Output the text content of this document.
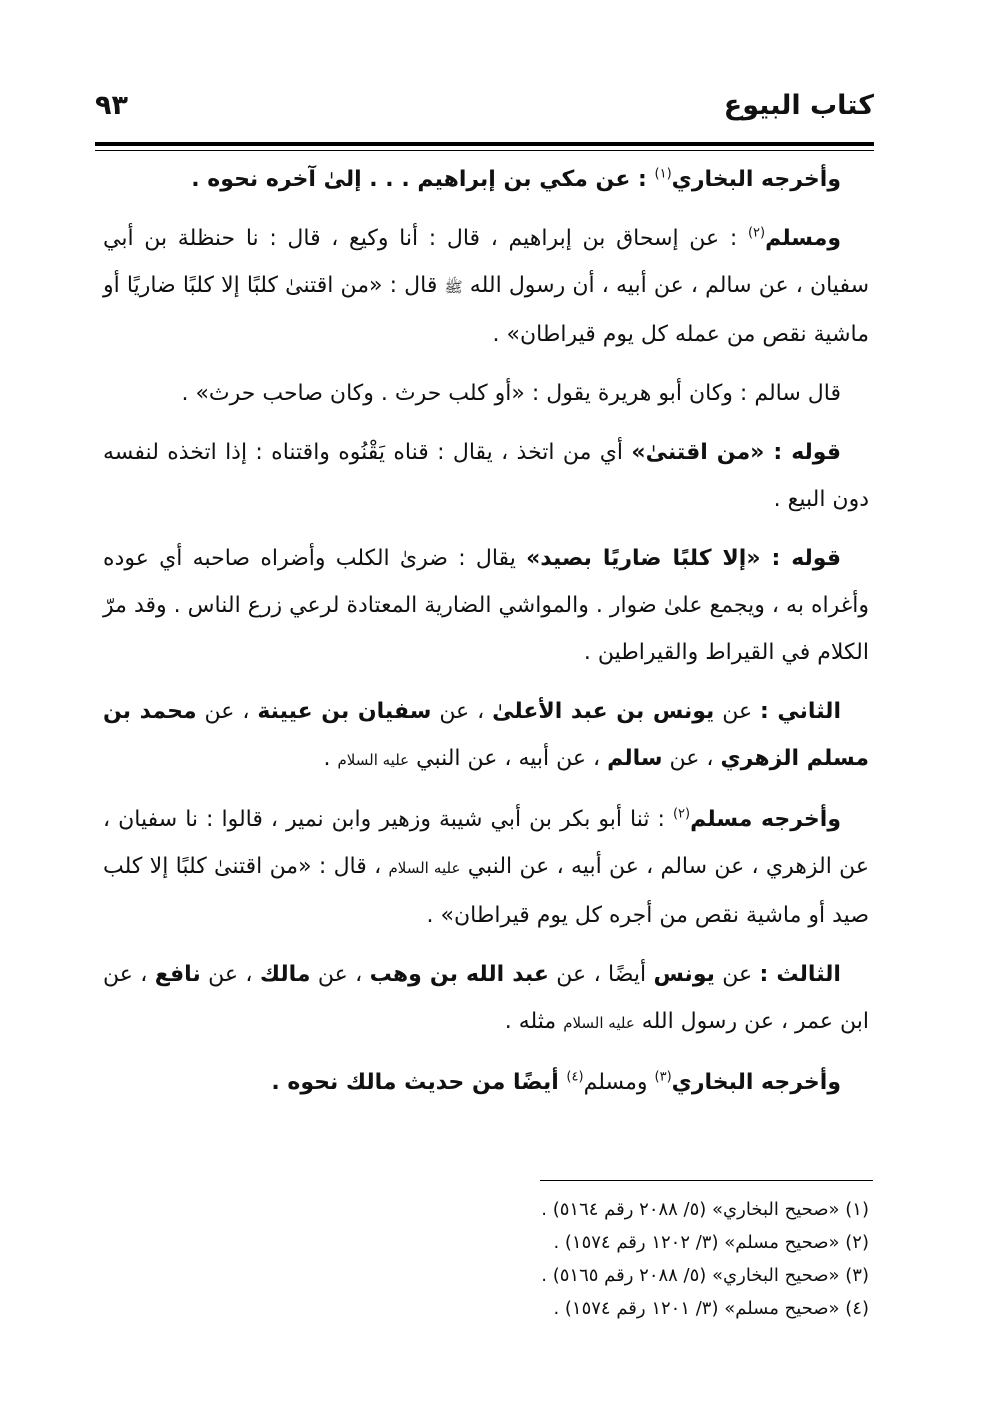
كتاب البيوع
٩٣

وأخرجه البخاري$^{(١)}$ : عن مكي بن إبراهيم . . . إلىٰ آخره نحوه .

ومسلم$^{(٢)}$ : عن إسحاق بن إبراهيم ، قال : أنا وكيع ، قال : نا حنظلة بن أبي سفيان ، عن سالم ، عن أبيه ، أن رسول الله ﷺ قال : «من اقتنىٰ كلبًا إلا كلبًا ضاريًا أو ماشية نقص من عمله كل يوم قيراطان» .

قال سالم : وكان أبو هريرة يقول : «أو كلب حرث . وكان صاحب حرث» .

قوله : «من اقتنىٰ» أي من اتخذ ، يقال : قناه يَقْنُوه واقتناه : إذا اتخذه لنفسه دون البيع .

قوله : «إلا كلبًا ضاريًا بصيد» يقال : ضرىٰ الكلب وأضراه صاحبه أي عوده وأغراه به ، ويجمع علىٰ ضوار . والمواشي الضارية المعتادة لرعي زرع الناس . وقد مرّ الكلام في القيراط والقيراطين .

الثاني : عن يونس بن عبد الأعلىٰ ، عن سفيان بن عيينة ، عن محمد بن مسلم الزهري ، عن سالم ، عن أبيه ، عن النبي عليه السلام .

وأخرجه مسلم$^{(٢)}$ : ثنا أبو بكر بن أبي شيبة وزهير وابن نمير ، قالوا : نا سفيان ، عن الزهري ، عن سالم ، عن أبيه ، عن النبي عليه السلام ، قال : «من اقتنىٰ كلبًا إلا كلب صيد أو ماشية نقص من أجره كل يوم قيراطان» .

الثالث : عن يونس أيضًا ، عن عبد الله بن وهب ، عن مالك ، عن نافع ، عن ابن عمر ، عن رسول الله عليه السلام مثله .

وأخرجه البخاري$^{(٣)}$ ومسلم$^{(٤)}$ أيضًا من حديث مالك نحوه .

(١) «صحيح البخاري» (٥/ ٢٠٨٨ رقم ٥١٦٤) .

(٢) «صحيح مسلم» (٣/ ١٢٠٢ رقم ١٥٧٤) .

(٣) «صحيح البخاري» (٥/ ٢٠٨٨ رقم ٥١٦٥) .

(٤) «صحيح مسلم» (٣/ ١٢٠١ رقم ١٥٧٤) .
